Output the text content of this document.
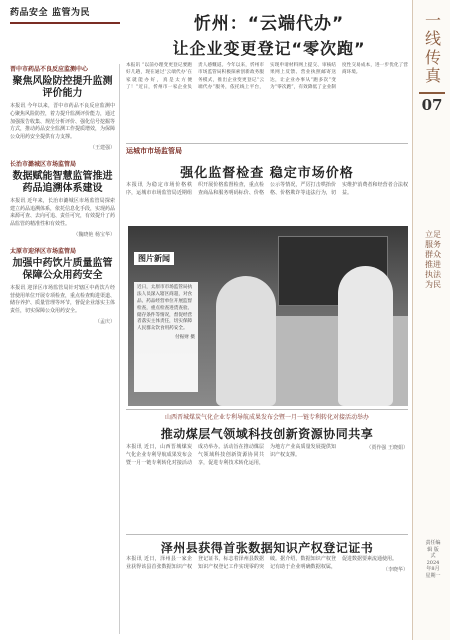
药品安全 监管为民
忻州：“云端代办”
让企业变更登记“零次跑”
一线传真
07
立足服务群众推进执法为民
责任编辑 版式 2024年8月 星期一
晋中市药品不良反应监测中心
聚焦风险防控提升监测评价能力
本报讯 今年以来，晋中市药品不良反应监测中心聚焦风险防控，着力提升监测评价能力，通过加强报告收集、规范分析评价、强化信号挖掘等方式，推动药品安全监测工作提质增效，为保障公众用药安全提供有力支撑。
（王建强）
长治市潞城区市场监管局
数据赋能智慧监管推进药品追溯体系建设
本报讯 近年来，长治市潞城区市场监管局探索建立药品追溯体系，依托信息化手段，实现药品来源可查、去向可追、责任可究，有效提升了药品监管的精准性和有效性。
（魏晓艳 杨宝华）
太原市迎泽区市场监管局
加强中药饮片质量监管保障公众用药安全
本报讯 迎泽区市场监管局针对辖区中药饮片经营使用单位开展专项检查，重点检查购进渠道、储存养护、质量管理等环节，督促企业落实主体责任，切实保障公众用药安全。
（孟庆）
本报讯 “以前办理变更登记要跑好几趟，现在通过‘云端代办’在家就能办好，真是太方便了！”近日，忻州市一家企业负责人感慨道。今年以来，忻州市市场监管局积极探索创新政务服务模式，推出企业变更登记“云端代办”服务，依托线上平台，实现申请材料网上提交、审核结果网上反馈、营业执照邮寄送达，让企业办事从“跑多次”变为“零次跑”，有效降低了企业制度性交易成本，进一步优化了营商环境。
运城市市场监管局
强化监督检查 稳定市场价格
本报讯 为稳定市场价格秩序，运城市市场监管局近期组织开展价格监督检查，重点检查商品和服务明码标价、价格公示等情况，严厉打击哄抬价格、价格欺诈等违法行为，切实维护消费者和经营者合法权益。
图片新闻
近日，太原市市场监管局执法人员深入辖区商超，对食品、药品经营单位开展监督检查，重点检查进货查验、储存条件等情况，督促经营者落实主体责任，切实保障人民群众饮食用药安全。
付振财 摄
山西晋城煤炭气化企业专利导航成果发布会暨一月一链专利转化对接活动举办
推动煤层气领域科技创新资源协同共享
本报讯 近日，山西晋城煤炭气化企业专利导航成果发布会暨一月一链专利转化对接活动成功举办。活动旨在推动煤层气领域科技创新资源协同共享，促进专利技术转化运用，为地方产业高质量发展提供知识产权支撑。
（贾作强 王晓娟）
泽州县获得首张数据知识产权登记证书
本报讯 近日，泽州县一家企业获得该县首张数据知识产权登记证书，标志着泽州县数据知识产权登记工作实现零的突破。据介绍，数据知识产权登记有助于企业明确数据权属，促进数据要素流通使用。
（李晓华）
